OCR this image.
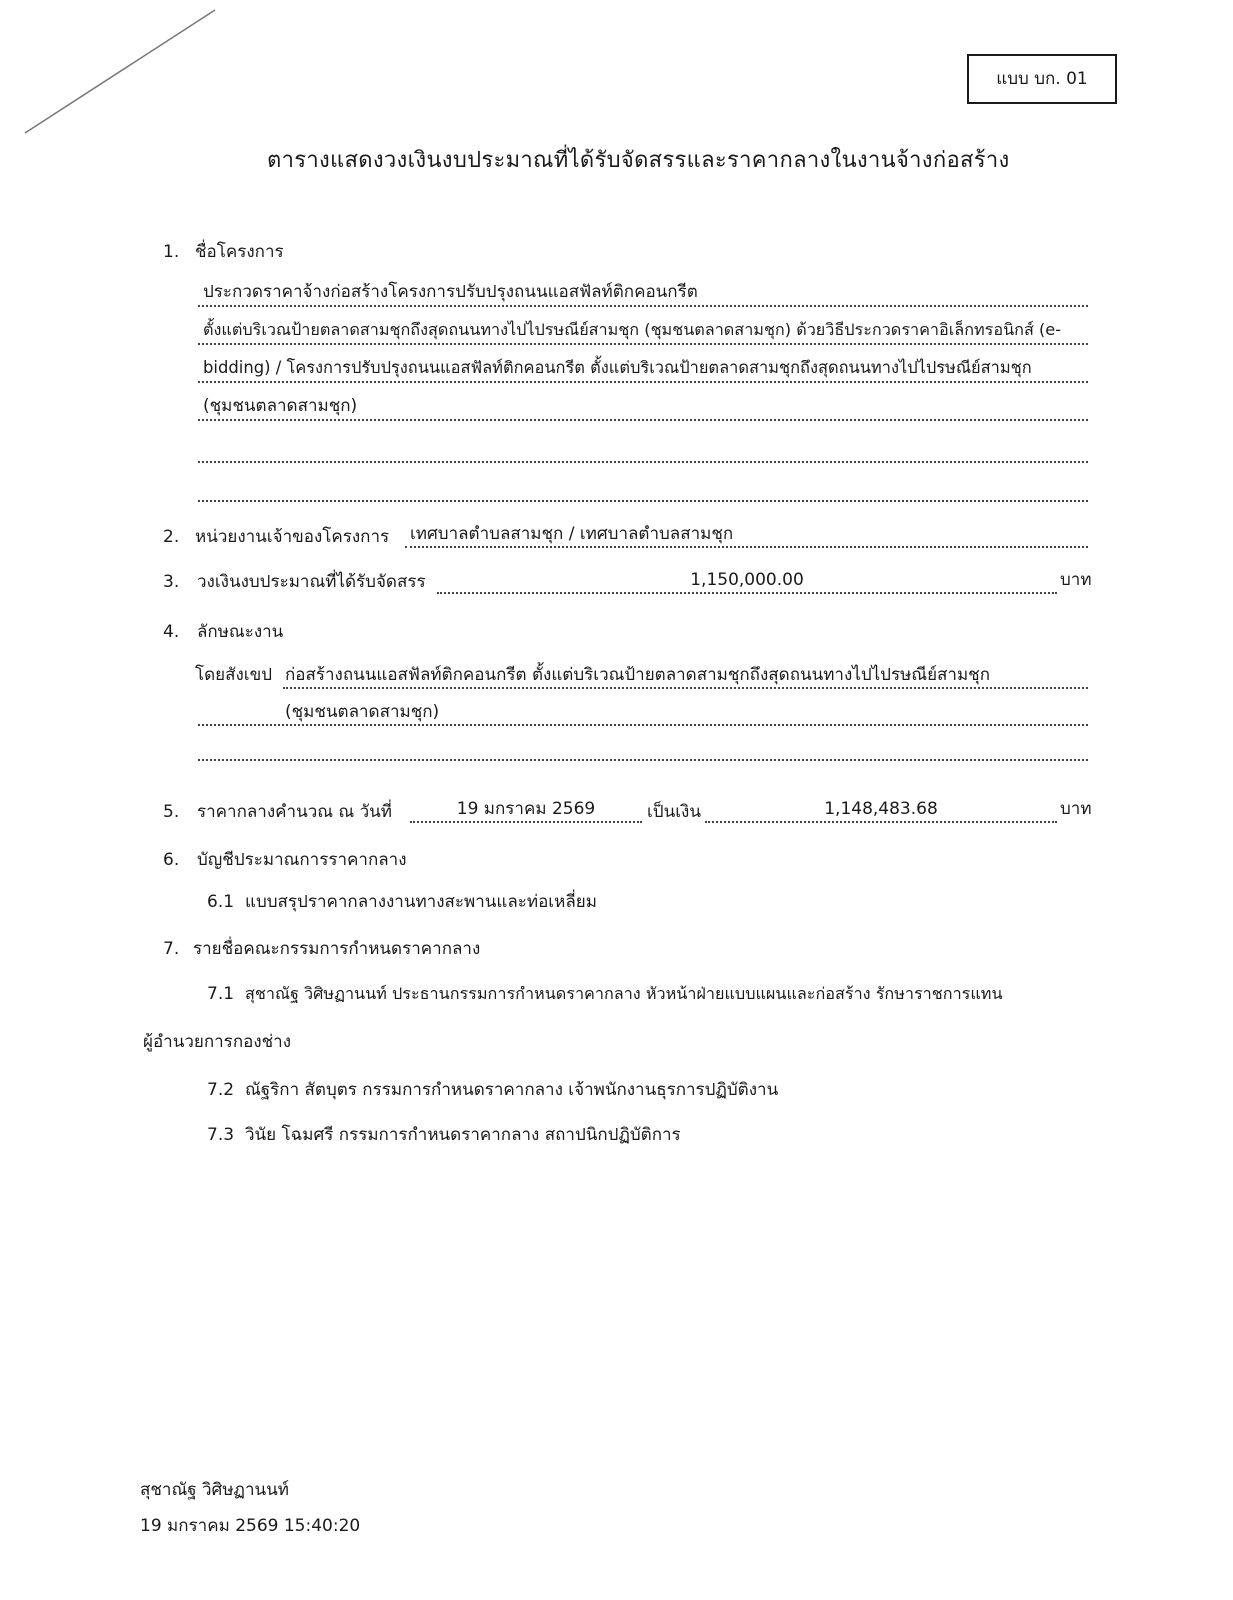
แบบ บก. 01
ตารางแสดงวงเงินงบประมาณที่ได้รับจัดสรรและราคากลางในงานจ้างก่อสร้าง
1. ชื่อโครงการ
ประกวดราคาจ้างก่อสร้างโครงการปรับปรุงถนนแอสฟัลท์ติกคอนกรีต
ตั้งแต่บริเวณป้ายตลาดสามชุกถึงสุดถนนทางไปไปรษณีย์สามชุก (ชุมชนตลาดสามชุก) ด้วยวิธีประกวดราคาอิเล็กทรอนิกส์ (e-
bidding) / โครงการปรับปรุงถนนแอสฟัลท์ติกคอนกรีต ตั้งแต่บริเวณป้ายตลาดสามชุกถึงสุดถนนทางไปไปรษณีย์สามชุก
(ชุมชนตลาดสามชุก)
2. หน่วยงานเจ้าของโครงการ เทศบาลตำบลสามชุก / เทศบาลตำบลสามชุก
3. วงเงินงบประมาณที่ได้รับจัดสรร	1,150,000.00	บาท
4. ลักษณะงาน
โดยสังเขป ก่อสร้างถนนแอสฟัลท์ติกคอนกรีต ตั้งแต่บริเวณป้ายตลาดสามชุกถึงสุดถนนทางไปไปรษณีย์สามชุก
(ชุมชนตลาดสามชุก)
5. ราคากลางคำนวณ ณ วันที่	19 มกราคม 2569	เป็นเงิน	1,148,483.68	บาท
6. บัญชีประมาณการราคากลาง
6.1 แบบสรุปราคากลางงานทางสะพานและท่อเหลี่ยม
7. รายชื่อคณะกรรมการกำหนดราคากลาง
7.1 สุชาณัฐ วิศิษฏานนท์ ประธานกรรมการกำหนดราคากลาง หัวหน้าฝ่ายแบบแผนและก่อสร้าง รักษาราชการแทน
ผู้อำนวยการกองช่าง
7.2 ณัฐริกา สัตบุตร กรรมการกำหนดราคากลาง เจ้าพนักงานธุรการปฏิบัติงาน
7.3 วินัย โฉมศรี กรรมการกำหนดราคากลาง สถาปนิกปฏิบัติการ
สุชาณัฐ วิศิษฏานนท์
19 มกราคม 2569 15:40:20
